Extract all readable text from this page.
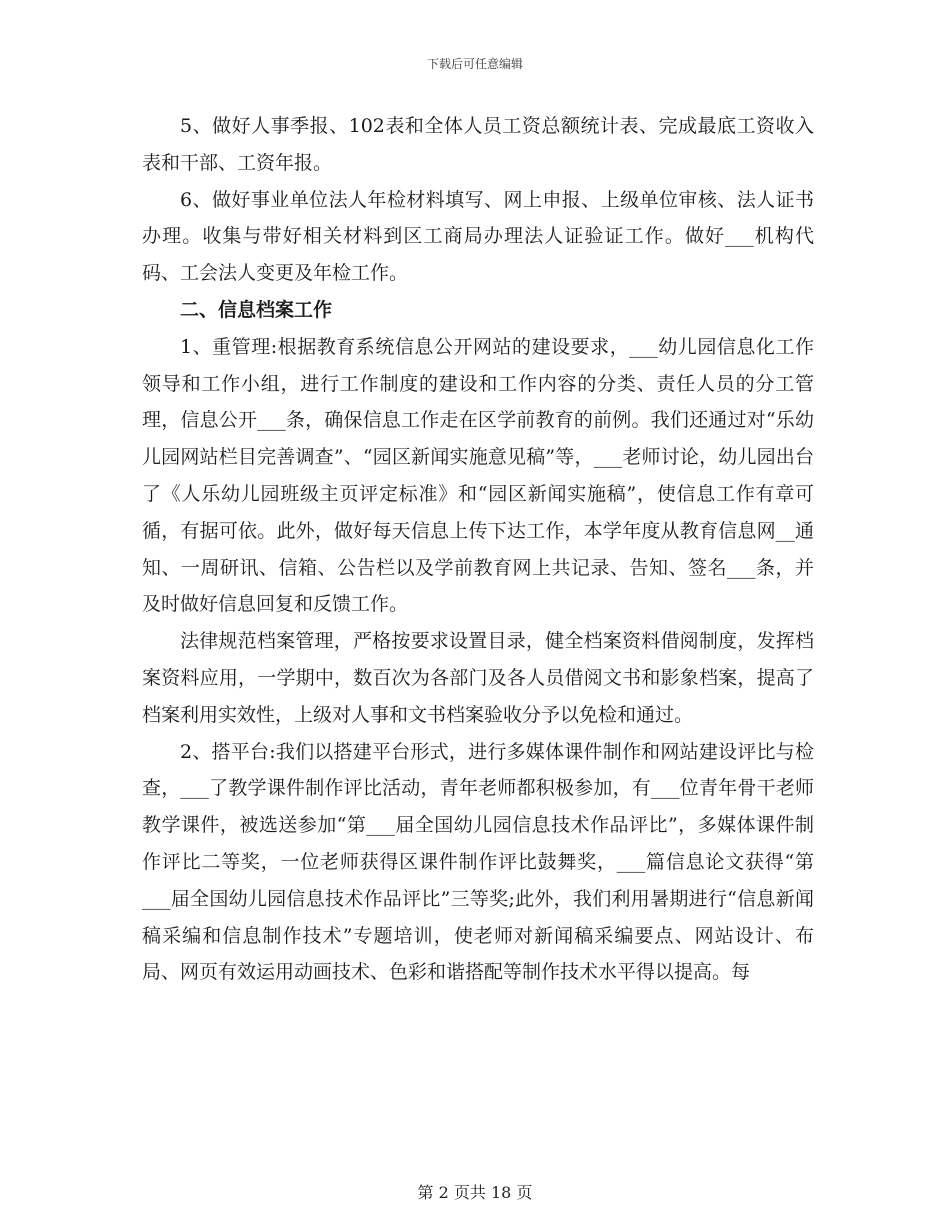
下载后可任意编辑

5、做好人事季报、102表和全体人员工资总额统计表、完成最底工资收入表和干部、工资年报。

6、做好事业单位法人年检材料填写、网上申报、上级单位审核、法人证书办理。收集与带好相关材料到区工商局办理法人证验证工作。做好___机构代码、工会法人变更及年检工作。

二、信息档案工作

1、重管理:根据教育系统信息公开网站的建设要求，___幼儿园信息化工作领导和工作小组，进行工作制度的建设和工作内容的分类、责任人员的分工管理，信息公开___条，确保信息工作走在区学前教育的前例。我们还通过对“乐幼儿园网站栏目完善调查”、“园区新闻实施意见稿”等，___老师讨论，幼儿园出台了《人乐幼儿园班级主页评定标准》和“园区新闻实施稿”，使信息工作有章可循，有据可依。此外，做好每天信息上传下达工作，本学年度从教育信息网__通知、一周研讯、信箱、公告栏以及学前教育网上共记录、告知、签名___条，并及时做好信息回复和反馈工作。

法律规范档案管理，严格按要求设置目录，健全档案资料借阅制度，发挥档案资料应用，一学期中，数百次为各部门及各人员借阅文书和影象档案，提高了档案利用实效性，上级对人事和文书档案验收分予以免检和通过。

2、搭平台:我们以搭建平台形式，进行多媒体课件制作和网站建设评比与检查，___了教学课件制作评比活动，青年老师都积极参加，有___位青年骨干老师教学课件，被选送参加“第___届全国幼儿园信息技术作品评比”，多媒体课件制作评比二等奖，一位老师获得区课件制作评比鼓舞奖，___篇信息论文获得“第___届全国幼儿园信息技术作品评比”三等奖;此外，我们利用暑期进行“信息新闻稿采编和信息制作技术”专题培训，使老师对新闻稿采编要点、网站设计、布局、网页有效运用动画技术、色彩和谐搭配等制作技术水平得以提高。每

第 2 页共 18 页
